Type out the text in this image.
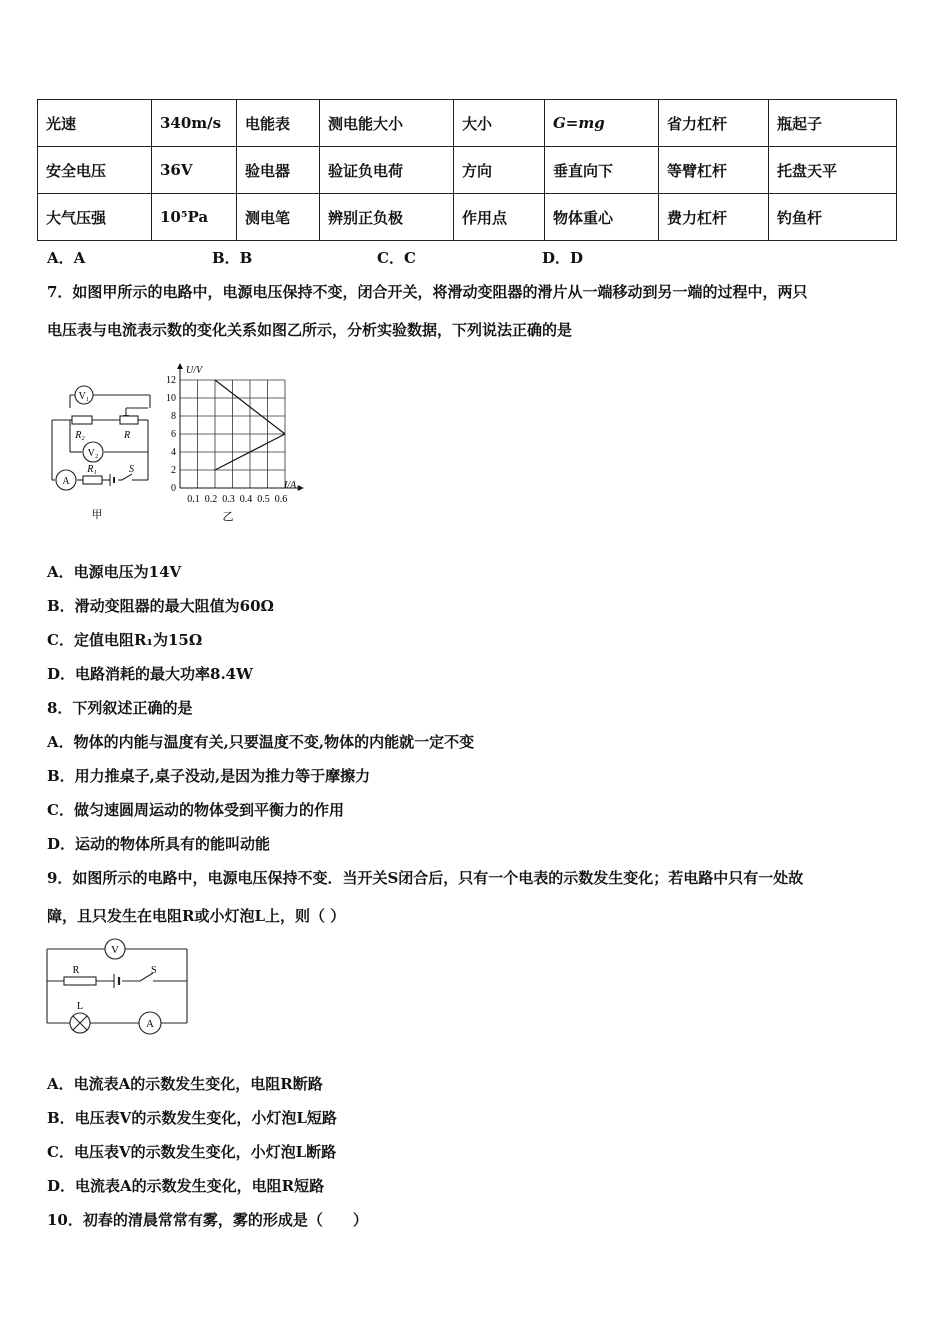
光速	340m/s	电能表	测电能大小	大小	G=mg	省力杠杆	瓶起子
安全电压	36V	验电器	验证负电荷	方向	垂直向下	等臂杠杆	托盘天平
大气压强	10⁵Pa	测电笔	辨别正负极	作用点	物体重心	费力杠杆	钓鱼杆
A．A	B．B	C．C	D．D
7．如图甲所示的电路中，电源电压保持不变，闭合开关，将滑动变阻器的滑片从一端移动到另一端的过程中，两只
电压表与电流表示数的变化关系如图乙所示，分析实验数据，下列说法正确的是
V₁
R₂	R
V₂
A
R₁	S
甲
0
2
4
6
8
10
12
0.1 0.2 0.3 0.4 0.5 0.6
U/V
I/A
乙
A．电源电压为14V
B．滑动变阻器的最大阻值为60Ω
C．定值电阻R₁为15Ω
D．电路消耗的最大功率8.4W
8．下列叙述正确的是
A．物体的内能与温度有关,只要温度不变,物体的内能就一定不变
B．用力推桌子,桌子没动,是因为推力等于摩擦力
C．做匀速圆周运动的物体受到平衡力的作用
D．运动的物体所具有的能叫动能
9．如图所示的电路中，电源电压保持不变．当开关S闭合后，只有一个电表的示数发生变化；若电路中只有一处故
障，且只发生在电阻R或小灯泡L上，则（ ）
V
R	S
L
A
A．电流表A的示数发生变化，电阻R断路
B．电压表V的示数发生变化，小灯泡L短路
C．电压表V的示数发生变化，小灯泡L断路
D．电流表A的示数发生变化，电阻R短路
10．初春的清晨常常有雾，雾的形成是（　　）
